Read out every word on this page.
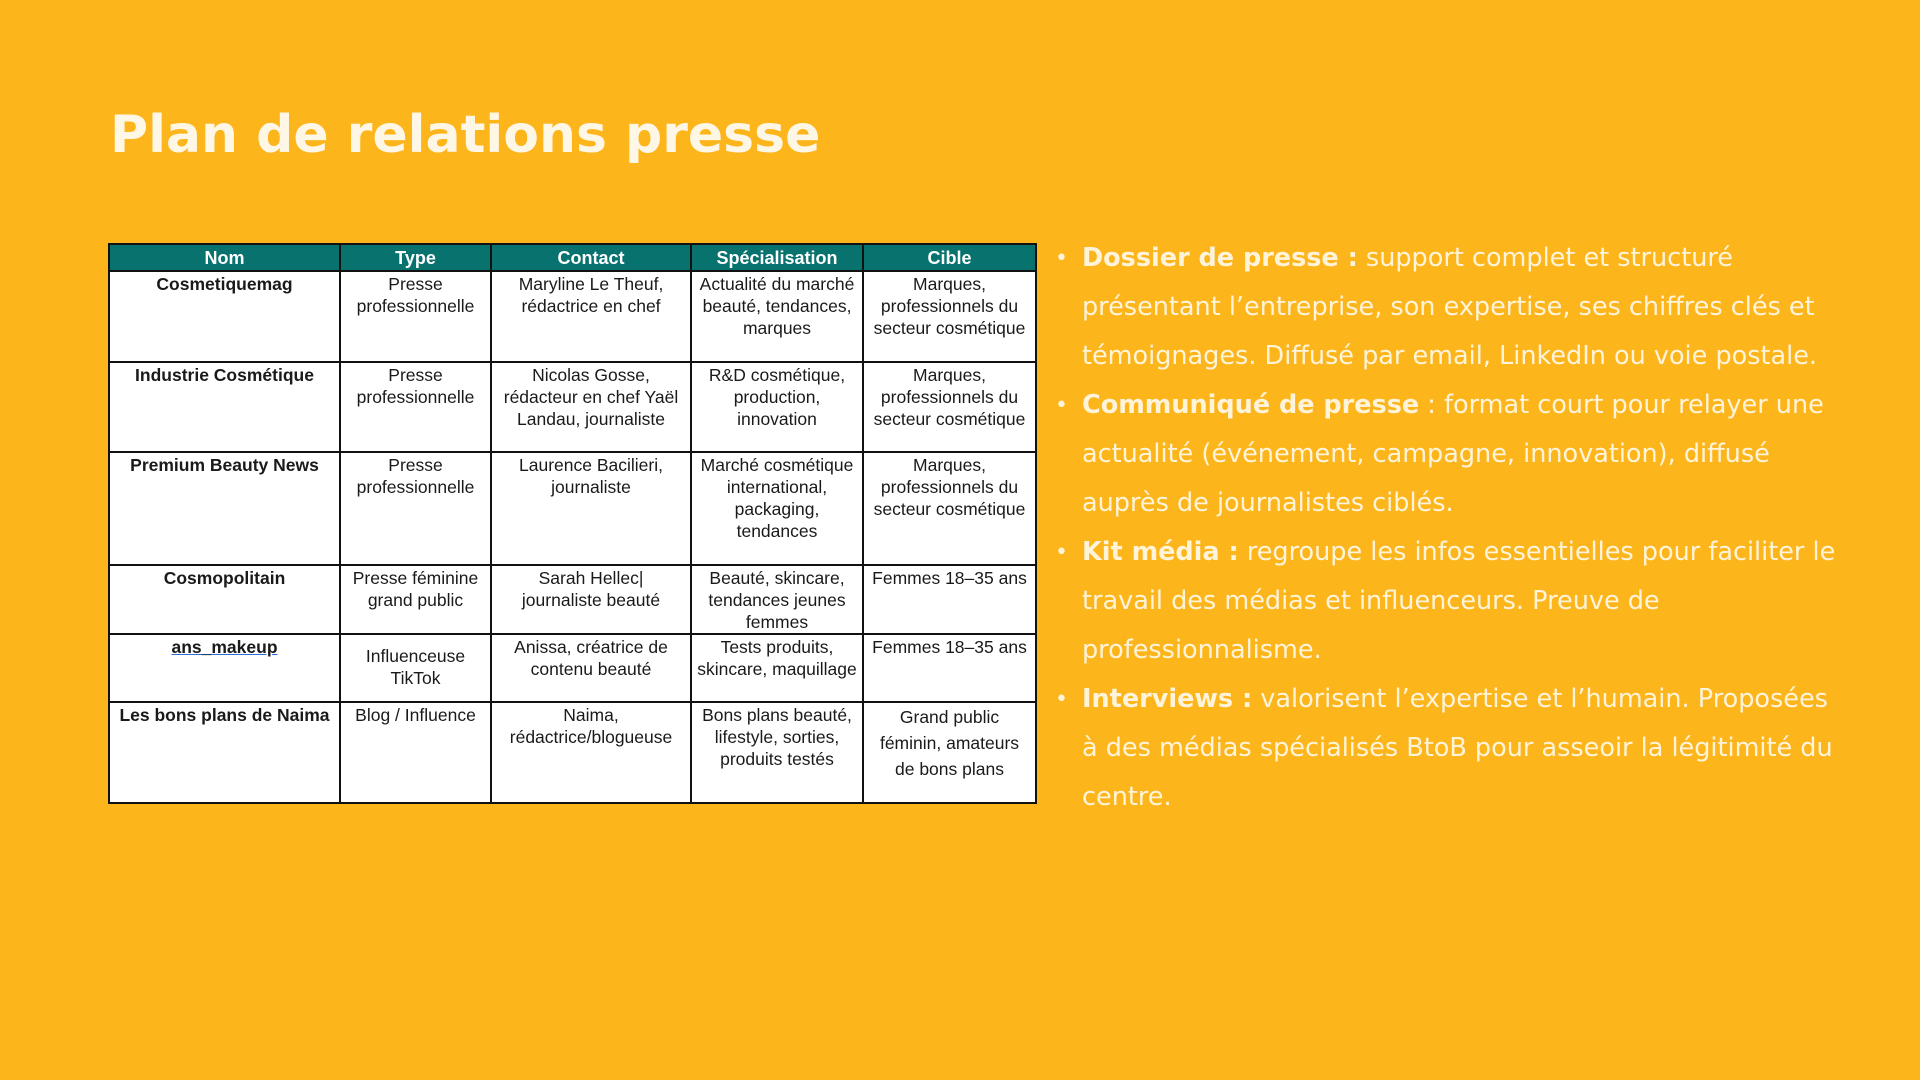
Plan de relations presse
Nom	Type	Contact	Spécialisation	Cible
Cosmetiquemag	Presse professionnelle	Maryline Le Theuf, rédactrice en chef	Actualité du marché beauté, tendances, marques	Marques, professionnels du secteur cosmétique
Industrie Cosmétique	Presse professionnelle	Nicolas Gosse, rédacteur en chef Yaël Landau, journaliste	R&D cosmétique, production, innovation	Marques, professionnels du secteur cosmétique
Premium Beauty News	Presse professionnelle	Laurence Bacilieri, journaliste	Marché cosmétique international, packaging, tendances	Marques, professionnels du secteur cosmétique
Cosmopolitain	Presse féminine grand public	Sarah Hellec| journaliste beauté	Beauté, skincare, tendances jeunes femmes	Femmes 18–35 ans
ans_makeup	Influenceuse TikTok	Anissa, créatrice de contenu beauté	Tests produits, skincare, maquillage	Femmes 18–35 ans
Les bons plans de Naima	Blog / Influence	Naima, rédactrice/blogueuse	Bons plans beauté, lifestyle, sorties, produits testés	Grand public féminin, amateurs de bons plans
• Dossier de presse : support complet et structuré présentant l’entreprise, son expertise, ses chiffres clés et témoignages. Diffusé par email, LinkedIn ou voie postale.
• Communiqué de presse : format court pour relayer une actualité (événement, campagne, innovation), diffusé auprès de journalistes ciblés.
• Kit média : regroupe les infos essentielles pour faciliter le travail des médias et influenceurs. Preuve de professionnalisme.
• Interviews : valorisent l’expertise et l’humain. Proposées à des médias spécialisés BtoB pour asseoir la légitimité du centre.
